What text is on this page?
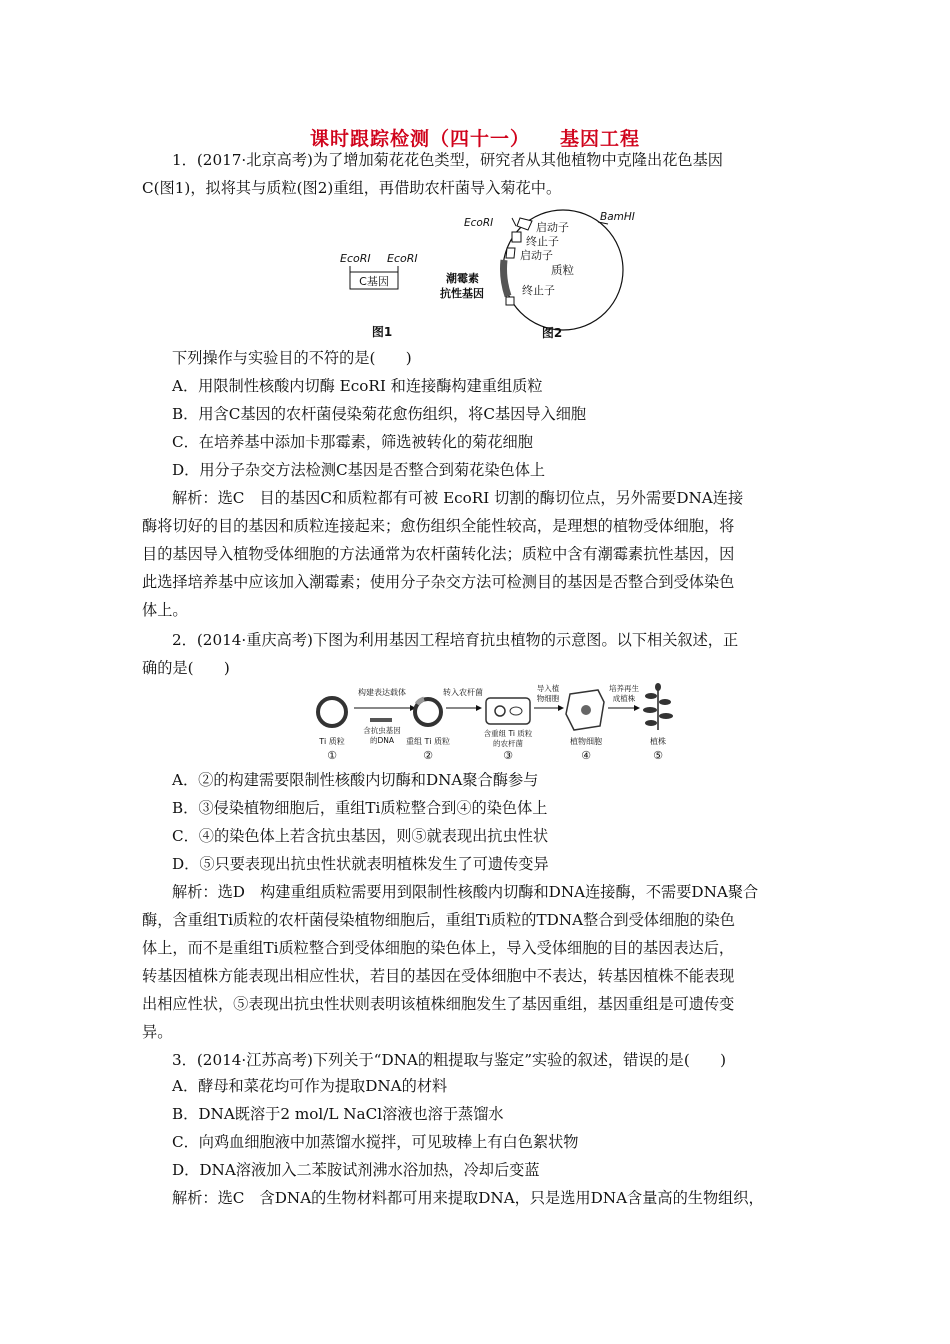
课时跟踪检测（四十一） 基因工程
1．(2017·北京高考)为了增加菊花花色类型，研究者从其他植物中克隆出花色基因
C(图1)，拟将其与质粒(图2)重组，再借助农杆菌导入菊花中。
EcoRⅠ EcoRⅠ
C基因
图1
EcoRⅠ	BamHⅠ
启动子
终止子
启动子
质粒
潮霉素
抗性基因	终止子
图2
下列操作与实验目的不符的是(　　)
A．用限制性核酸内切酶 EcoRⅠ 和连接酶构建重组质粒
B．用含C基因的农杆菌侵染菊花愈伤组织，将C基因导入细胞
C．在培养基中添加卡那霉素，筛选被转化的菊花细胞
D．用分子杂交方法检测C基因是否整合到菊花染色体上
解析：选C　目的基因C和质粒都有可被 EcoRⅠ 切割的酶切位点，另外需要DNA连接
酶将切好的目的基因和质粒连接起来；愈伤组织全能性较高，是理想的植物受体细胞，将
目的基因导入植物受体细胞的方法通常为农杆菌转化法；质粒中含有潮霉素抗性基因，因
此选择培养基中应该加入潮霉素；使用分子杂交方法可检测目的基因是否整合到受体染色
体上。
2．(2014·重庆高考)下图为利用基因工程培育抗虫植物的示意图。以下相关叙述，正
确的是(　　)
Ti 质粒
①
构建表达载体
含抗虫基因
的DNA 重组 Ti 质粒
②
转入农杆菌
含重组 Ti 质粒
的农杆菌
③
导入植
物细胞
植物细胞
④
培养再生
成植株
植株
⑤
A．②的构建需要限制性核酸内切酶和DNA聚合酶参与
B．③侵染植物细胞后，重组Ti质粒整合到④的染色体上
C．④的染色体上若含抗虫基因，则⑤就表现出抗虫性状
D．⑤只要表现出抗虫性状就表明植株发生了可遗传变异
解析：选D　构建重组质粒需要用到限制性核酸内切酶和DNA连接酶，不需要DNA聚合
酶，含重组Ti质粒的农杆菌侵染植物细胞后，重组Ti质粒的TDNA整合到受体细胞的染色
体上，而不是重组Ti质粒整合到受体细胞的染色体上，导入受体细胞的目的基因表达后，
转基因植株方能表现出相应性状，若目的基因在受体细胞中不表达，转基因植株不能表现
出相应性状，⑤表现出抗虫性状则表明该植株细胞发生了基因重组，基因重组是可遗传变
异。
3．(2014·江苏高考)下列关于“DNA的粗提取与鉴定”实验的叙述，错误的是(　　)
A．酵母和菜花均可作为提取DNA的材料
B．DNA既溶于2 mol/L NaCl溶液也溶于蒸馏水
C．向鸡血细胞液中加蒸馏水搅拌，可见玻棒上有白色絮状物
D．DNA溶液加入二苯胺试剂沸水浴加热，冷却后变蓝
解析：选C　含DNA的生物材料都可用来提取DNA，只是选用DNA含量高的生物组织，
